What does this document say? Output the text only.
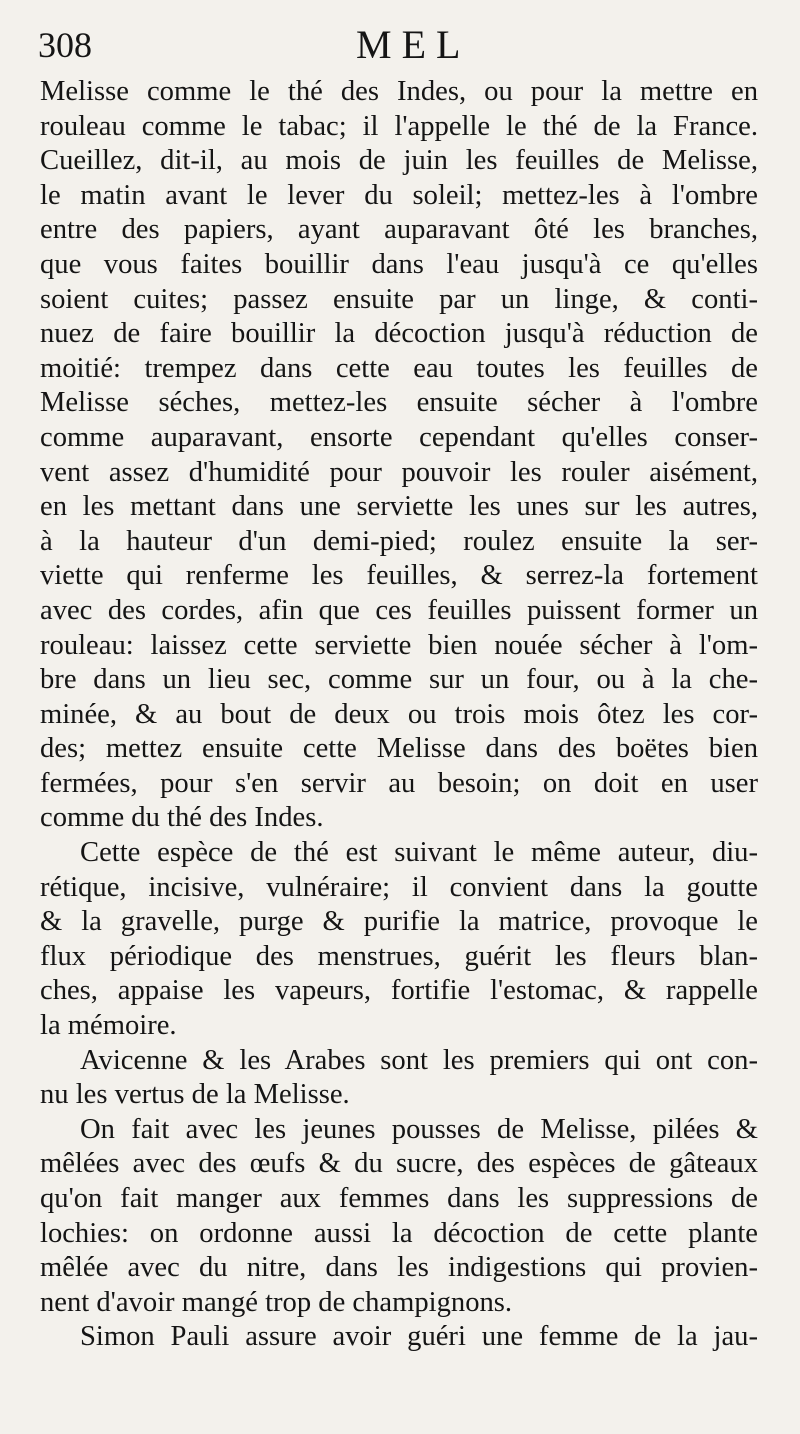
308	MEL
Melisse comme le thé des Indes, ou pour la mettre en
rouleau comme le tabac; il l'appelle le thé de la France.
Cueillez, dit-il, au mois de juin les feuilles de Melisse,
le matin avant le lever du soleil; mettez-les à l'ombre
entre des papiers, ayant auparavant ôté les branches,
que vous faites bouillir dans l'eau jusqu'à ce qu'elles
soient cuites; passez ensuite par un linge, & conti-
nuez de faire bouillir la décoction jusqu'à réduction de
moitié: trempez dans cette eau toutes les feuilles de
Melisse séches, mettez-les ensuite sécher à l'ombre
comme auparavant, ensorte cependant qu'elles conser-
vent assez d'humidité pour pouvoir les rouler aisément,
en les mettant dans une serviette les unes sur les autres,
à la hauteur d'un demi-pied; roulez ensuite la ser-
viette qui renferme les feuilles, & serrez-la fortement
avec des cordes, afin que ces feuilles puissent former un
rouleau: laissez cette serviette bien nouée sécher à l'om-
bre dans un lieu sec, comme sur un four, ou à la che-
minée, & au bout de deux ou trois mois ôtez les cor-
des; mettez ensuite cette Melisse dans des boëtes bien
fermées, pour s'en servir au besoin; on doit en user
comme du thé des Indes.
Cette espèce de thé est suivant le même auteur, diu-
rétique, incisive, vulnéraire; il convient dans la goutte
& la gravelle, purge & purifie la matrice, provoque le
flux périodique des menstrues, guérit les fleurs blan-
ches, appaise les vapeurs, fortifie l'estomac, & rappelle
la mémoire.
Avicenne & les Arabes sont les premiers qui ont con-
nu les vertus de la Melisse.
On fait avec les jeunes pousses de Melisse, pilées &
mêlées avec des œufs & du sucre, des espèces de gâteaux
qu'on fait manger aux femmes dans les suppressions de
lochies: on ordonne aussi la décoction de cette plante
mêlée avec du nitre, dans les indigestions qui provien-
nent d'avoir mangé trop de champignons.
Simon Pauli assure avoir guéri une femme de la jau-
